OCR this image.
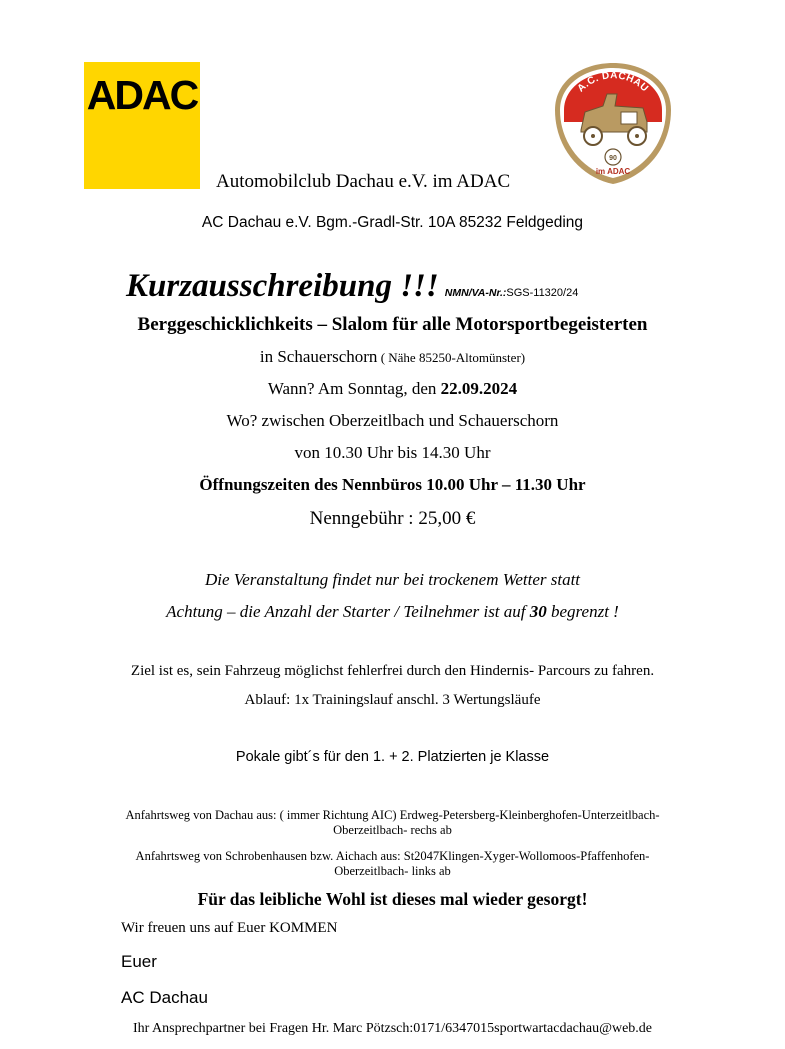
ADAC	A.C. DACHAU
90
im ADAC
Automobilclub Dachau e.V. im ADAC
AC Dachau e.V. Bgm.-Gradl-Str. 10A 85232 Feldgeding
Kurzausschreibung !!! NMN/VA-Nr.:SGS-11320/24
Berggeschicklichkeits – Slalom für alle Motorsportbegeisterten
in Schauerschorn ( Nähe 85250-Altomünster)
Wann? Am Sonntag, den 22.09.2024
Wo? zwischen Oberzeitlbach und Schauerschorn
von 10.30 Uhr bis 14.30 Uhr
Öffnungszeiten des Nennbüros 10.00 Uhr – 11.30 Uhr
Nenngebühr : 25,00 €
Die Veranstaltung findet nur bei trockenem Wetter statt
Achtung – die Anzahl der Starter / Teilnehmer ist auf 30 begrenzt !
Ziel ist es, sein Fahrzeug möglichst fehlerfrei durch den Hindernis- Parcours zu fahren.
Ablauf: 1x Trainingslauf anschl. 3 Wertungsläufe
Pokale gibt´s für den 1. + 2. Platzierten je Klasse
Anfahrtsweg von Dachau aus: ( immer Richtung AIC) Erdweg-Petersberg-Kleinberghofen-Unterzeitlbach-
Oberzeitlbach- rechs ab
Anfahrtsweg von Schrobenhausen bzw. Aichach aus: St2047Klingen-Xyger-Wollomoos-Pfaffenhofen-
Oberzeitlbach- links ab
Für das leibliche Wohl ist dieses mal wieder gesorgt!
Wir freuen uns auf Euer KOMMEN
Euer
AC Dachau
Ihr Ansprechpartner bei Fragen Hr. Marc Pötzsch:0171/6347015sportwartacdachau@web.de
